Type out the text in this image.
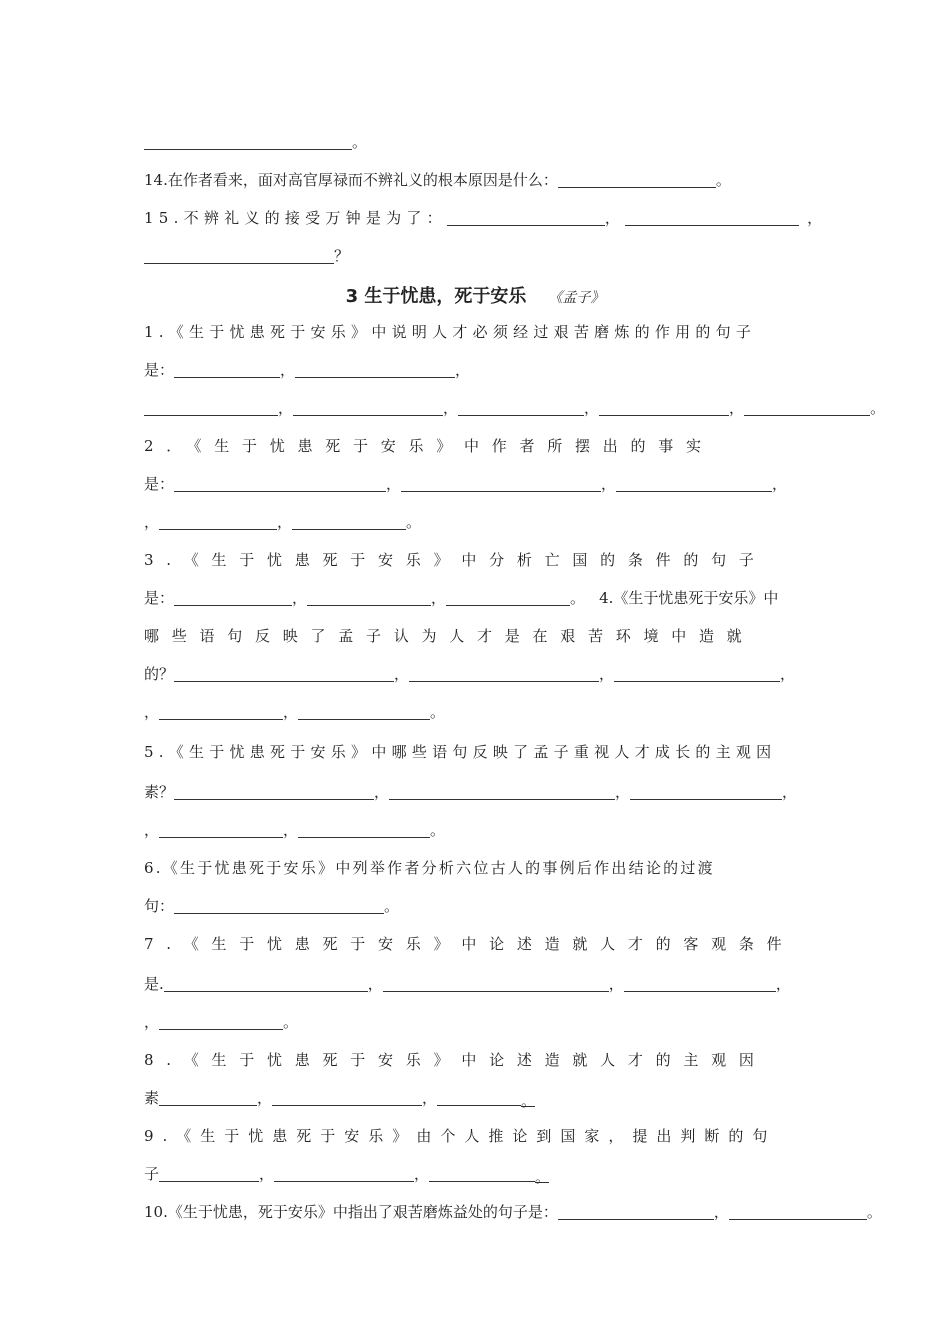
。
14.在作者看来，面对高官厚禄而不辨礼义的根本原因是什么：	。
15.不辨礼义的接受万钟是为了：	，	，
？
3 生于忧患，死于安乐 《孟子》
1.《生于忧患死于安乐》中说明人才必须经过艰苦磨炼的作用的句子
是：	，	，
，	，	，	，	。
2．《生于忧患死于安乐》中作者所摆出的事实
是：	，	，	，
，	，	。
3.《生于忧患死于安乐》中分析亡国的条件的句子
是：	，	，	。 4.《生于忧患死于安乐》中
哪些语句反映了孟子认为人才是在艰苦环境中造就
的？	，	，	，
，	，	。
5.《生于忧患死于安乐》中哪些语句反映了孟子重视人才成长的主观因
素？	，	，	，
，	，	。
6.《生于忧患死于安乐》中列举作者分析六位古人的事例后作出结论的过渡
句：	。
7.《生于忧患死于安乐》中论述造就人才的客观条件
是.	，	，	，
，	。
8.《生于忧患死于安乐》中论述造就人才的主观因
素	，	，	。
9.《生于忧患死于安乐》由个人推论到国家，提出判断的句
子	，	，	。
10.《生于忧患，死于安乐》中指出了艰苦磨炼益处的句子是：	，	。
